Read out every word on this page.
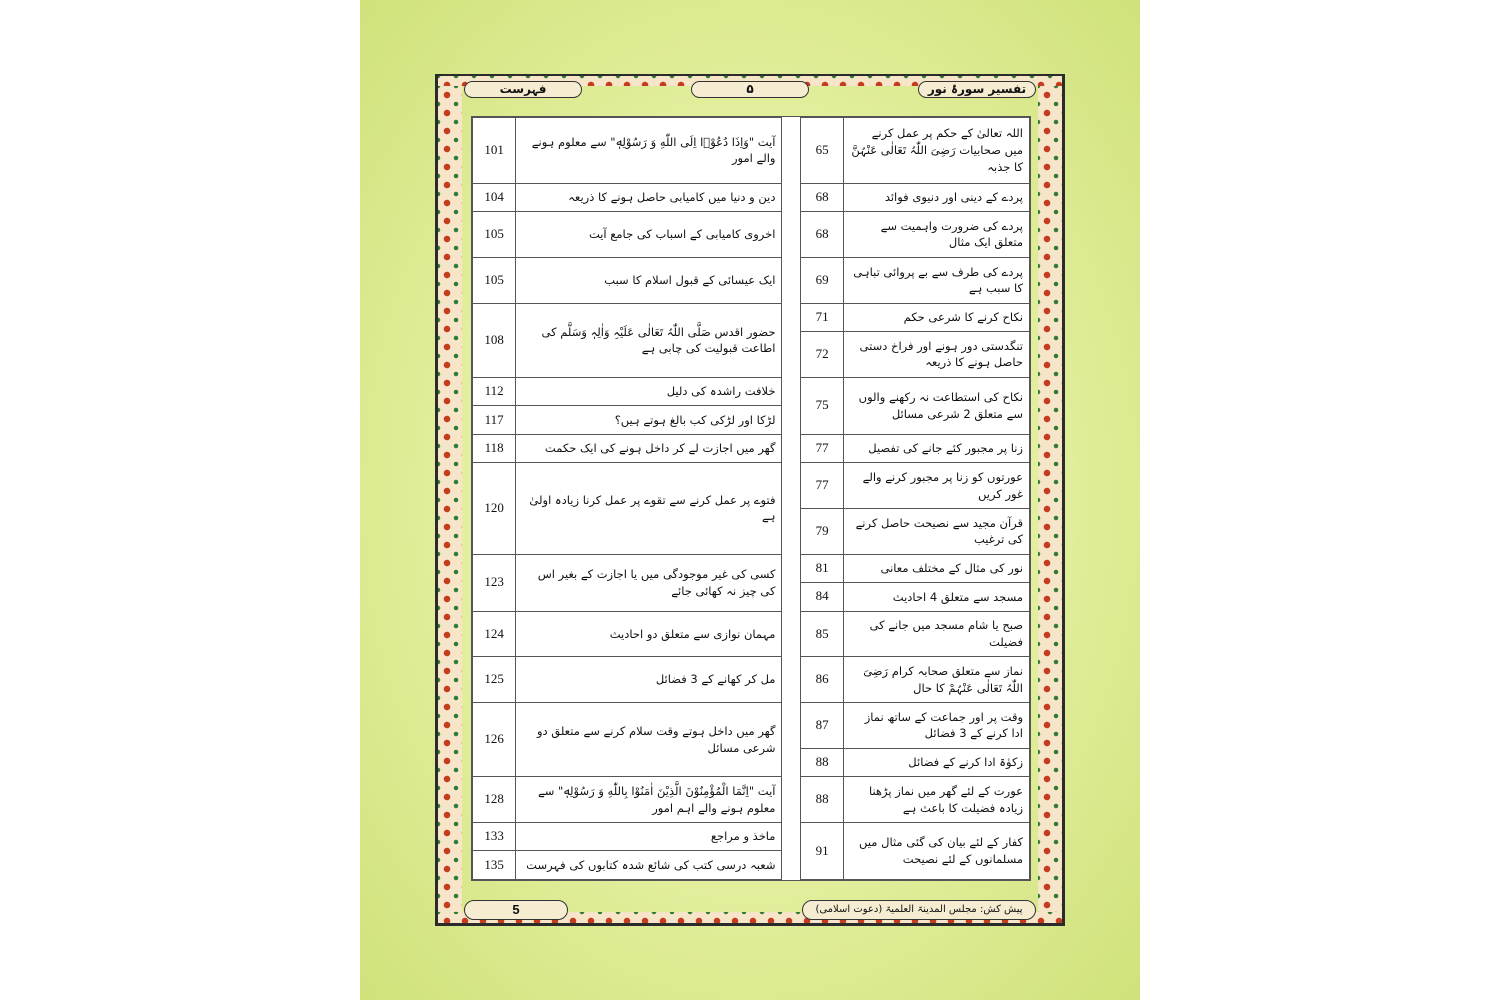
تفسیر سورۂ نور
۵
فہرست
اللہ تعالیٰ کے حکم پر عمل کرنے میں صحابیات رَضِیَ اللّٰہُ تَعَالٰی عَنْہُنَّ کا جذبہ	65		آیت "وَاِذَا دُعُوْۤا اِلَى اللّٰهِ وَ رَسُوْلِهٖ" سے معلوم ہونے والے امور	101

پردے کے دینی اور دنیوی فوائد	68		دین و دنیا میں کامیابی حاصل ہونے کا ذریعہ	104
پردے کی ضرورت واہمیت سے متعلق ایک مثال	68		اخروی کامیابی کے اسباب کی جامع آیت	105
پردے کی طرف سے بے پروائی تباہی کا سبب ہے	69		ایک عیسائی کے قبول اسلام کا سبب	105
نکاح کرنے کا شرعی حکم	71		حضور اقدس صَلَّی اللّٰہُ تَعَالٰی عَلَیْہِ وَاٰلِہٖ وَسَلَّم کی اطاعت قبولیت کی چابی ہے	108
تنگدستی دور ہونے اور فراخ دستی حاصل ہونے کا ذریعہ	72			
نکاح کی استطاعت نہ رکھنے والوں سے متعلق 2 شرعی مسائل	75		خلافت راشدہ کی دلیل	112
			لڑکا اور لڑکی کب بالغ ہوتے ہیں؟	117
زنا پر مجبور کئے جانے کی تفصیل	77		گھر میں اجازت لے کر داخل ہونے کی ایک حکمت	118
عورتوں کو زنا پر مجبور کرنے والے غور کریں	77		فتوے پر عمل کرنے سے تقوے پر عمل کرنا زیادہ اولیٰ ہے	120
قرآن مجید سے نصیحت حاصل کرنے کی ترغیب	79			
نور کی مثال کے مختلف معانی	81		کسی کی غیر موجودگی میں یا اجازت کے بغیر اس کی چیز نہ کھائی جائے	123
مسجد سے متعلق 4 احادیث	84			
صبح یا شام مسجد میں جانے کی فضیلت	85		مہمان نوازی سے متعلق دو احادیث	124
نماز سے متعلق صحابہ کرام رَضِیَ اللّٰہُ تَعَالٰی عَنْہُمْ کا حال	86		مل کر کھانے کے 3 فضائل	125
وقت پر اور جماعت کے ساتھ نماز ادا کرنے کے 3 فضائل	87		گھر میں داخل ہوتے وقت سلام کرنے سے متعلق دو شرعی مسائل	126
زکوٰۃ ادا کرنے کے فضائل	88			
عورت کے لئے گھر میں نماز پڑھنا زیادہ فضیلت کا باعث ہے	88		آیت "اِنَّمَا الْمُؤْمِنُوْنَ الَّذِیْنَ اٰمَنُوْا بِاللّٰهِ وَ رَسُوْلِهٖ" سے معلوم ہونے والے اہم امور	128

کفار کے لئے بیان کی گئی مثال میں مسلمانوں کے لئے نصیحت	91		ماخذ و مراجع	133
			شعبہ درسی کتب کی شائع شدہ کتابوں کی فہرست	135
5	پیش کش: مجلس المدینۃ العلمیۃ (دعوت اسلامی)
